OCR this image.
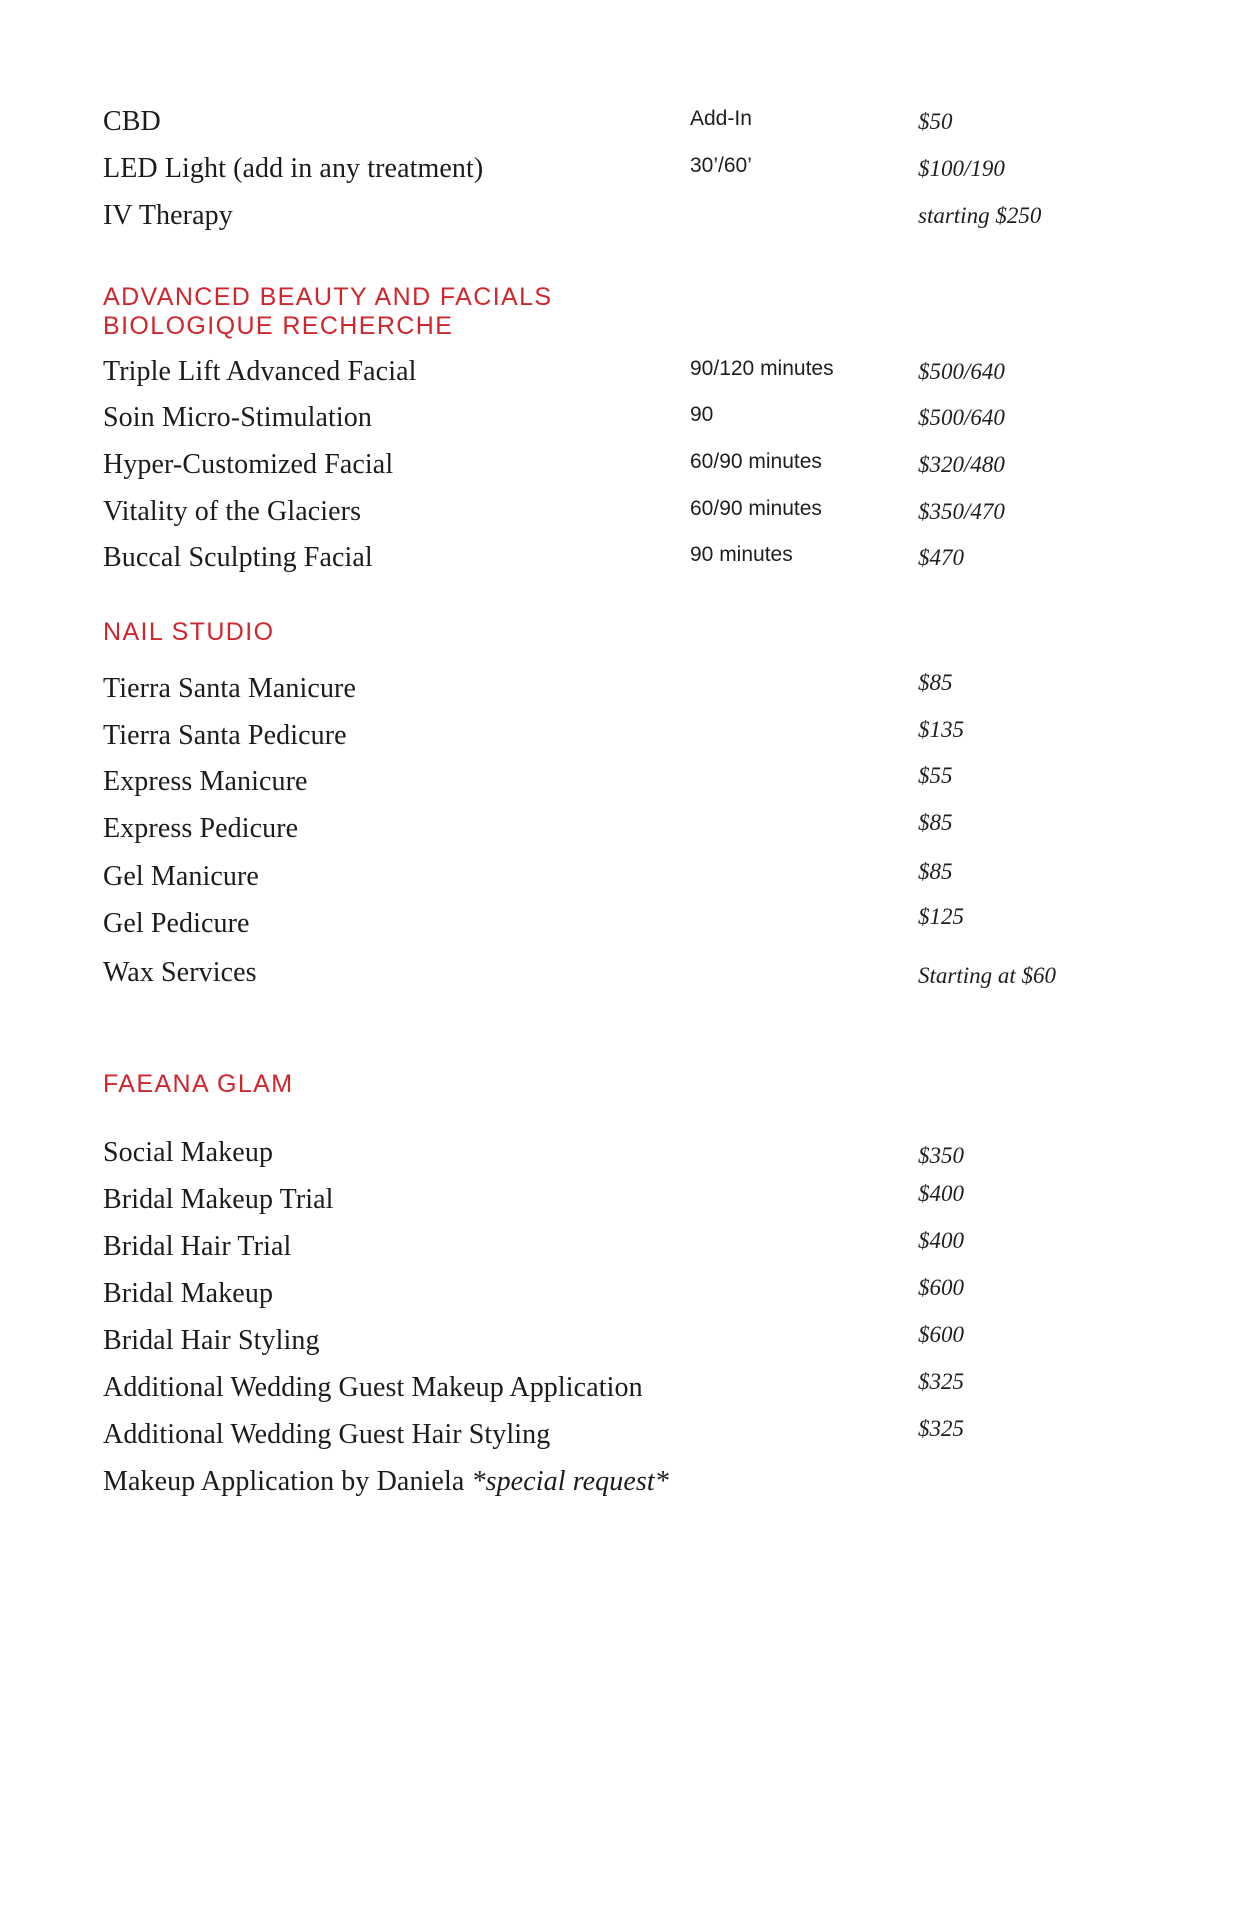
CBD	Add-In	$50
LED Light (add in any treatment)	30’/60’	$100/190
IV Therapy	starting $250
ADVANCED BEAUTY AND FACIALS
BIOLOGIQUE RECHERCHE
Triple Lift Advanced Facial	90/120 minutes	$500/640
Soin Micro-Stimulation	90	$500/640
Hyper-Customized Facial	60/90 minutes	$320/480
Vitality of the Glaciers	60/90 minutes	$350/470
Buccal Sculpting Facial	90 minutes	$470
NAIL STUDIO
Tierra Santa Manicure	$85
Tierra Santa Pedicure	$135
Express Manicure	$55
Express Pedicure	$85
Gel Manicure	$85
Gel Pedicure	$125
Wax Services	Starting at $60
FAEANA GLAM
Social Makeup	$350
Bridal Makeup Trial	$400
Bridal Hair Trial	$400
Bridal Makeup	$600
Bridal Hair Styling	$600
Additional Wedding Guest Makeup Application	$325
Additional Wedding Guest Hair Styling	$325
Makeup Application by Daniela *special request*
